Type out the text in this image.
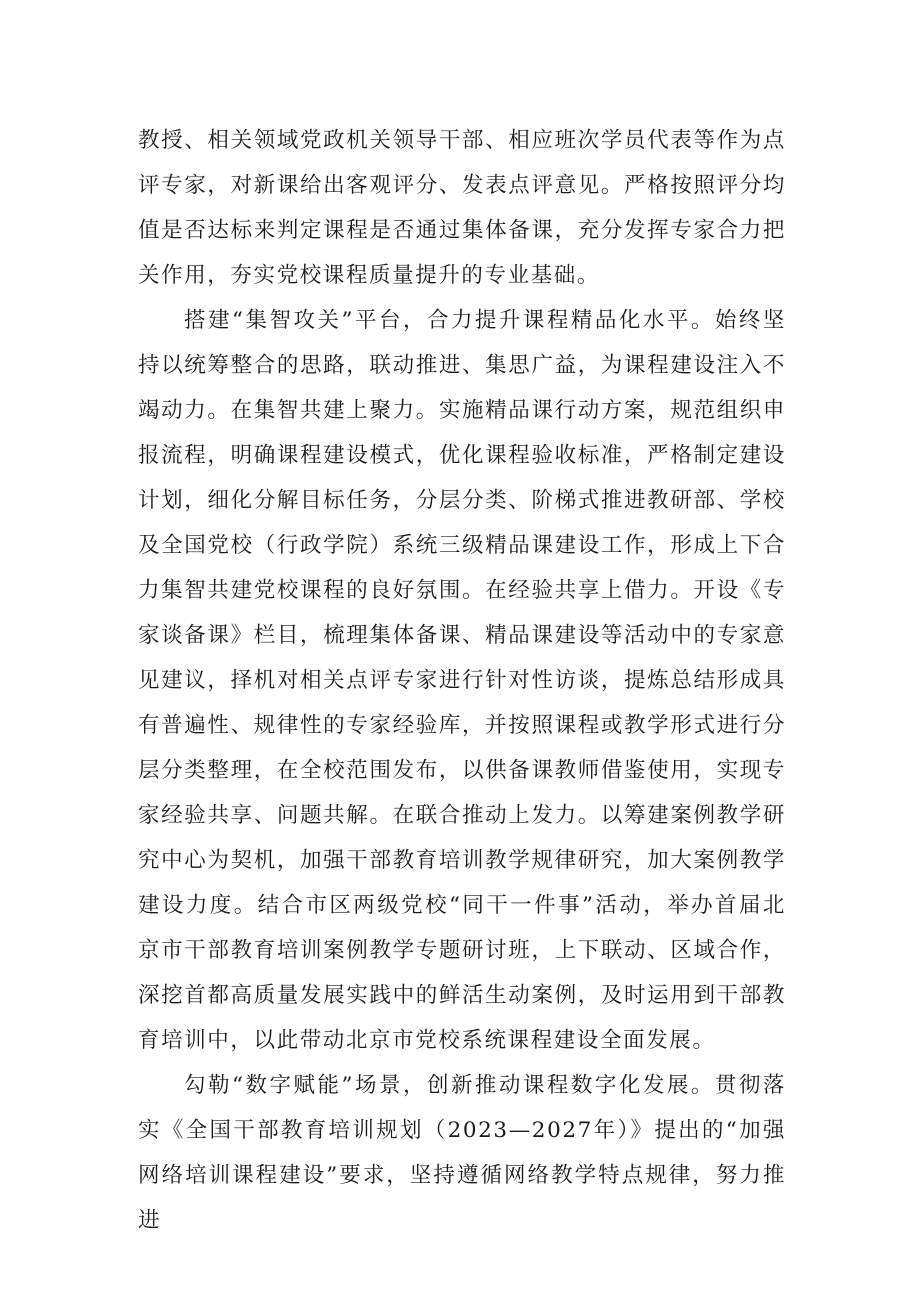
教授、相关领域党政机关领导干部、相应班次学员代表等作为点评专家，对新课给出客观评分、发表点评意见。严格按照评分均值是否达标来判定课程是否通过集体备课，充分发挥专家合力把关作用，夯实党校课程质量提升的专业基础。

搭建“集智攻关”平台，合力提升课程精品化水平。始终坚持以统筹整合的思路，联动推进、集思广益，为课程建设注入不竭动力。在集智共建上聚力。实施精品课行动方案，规范组织申报流程，明确课程建设模式，优化课程验收标准，严格制定建设计划，细化分解目标任务，分层分类、阶梯式推进教研部、学校及全国党校（行政学院）系统三级精品课建设工作，形成上下合力集智共建党校课程的良好氛围。在经验共享上借力。开设《专家谈备课》栏目，梳理集体备课、精品课建设等活动中的专家意见建议，择机对相关点评专家进行针对性访谈，提炼总结形成具有普遍性、规律性的专家经验库，并按照课程或教学形式进行分层分类整理，在全校范围发布，以供备课教师借鉴使用，实现专家经验共享、问题共解。在联合推动上发力。以筹建案例教学研究中心为契机，加强干部教育培训教学规律研究，加大案例教学建设力度。结合市区两级党校“同干一件事”活动，举办首届北京市干部教育培训案例教学专题研讨班，上下联动、区域合作，深挖首都高质量发展实践中的鲜活生动案例，及时运用到干部教育培训中，以此带动北京市党校系统课程建设全面发展。

勾勒“数字赋能”场景，创新推动课程数字化发展。贯彻落实《全国干部教育培训规划（2023—2027年）》提出的“加强网络培训课程建设”要求，坚持遵循网络教学特点规律，努力推进
